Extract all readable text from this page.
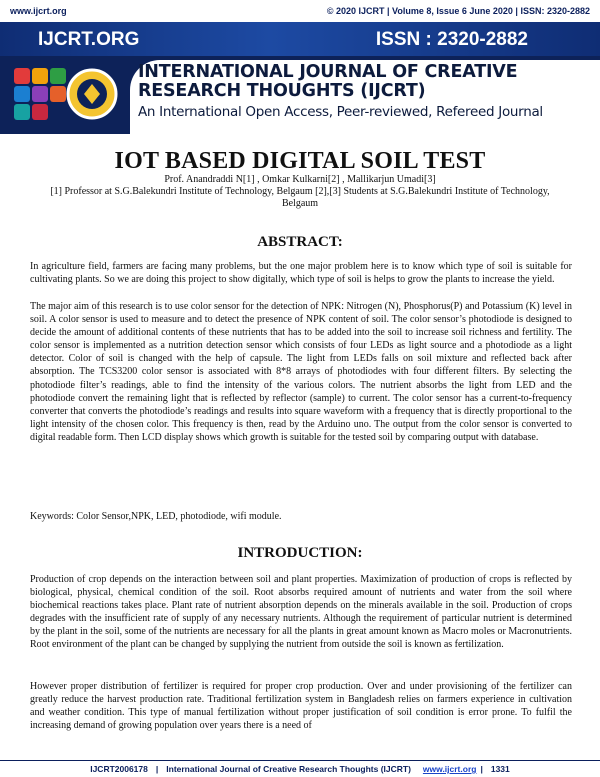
www.ijcrt.org	© 2020 IJCRT | Volume 8, Issue 6 June 2020 | ISSN: 2320-2882
IJCRT.ORG	ISSN : 2320-2882
INTERNATIONAL JOURNAL OF CREATIVE
RESEARCH THOUGHTS (IJCRT)
An International Open Access, Peer-reviewed, Refereed Journal
IOT BASED DIGITAL SOIL TEST
Prof. Anandraddi N[1] , Omkar Kulkarni[2] , Mallikarjun Umadi[3]
[1] Professor at S.G.Balekundri Institute of Technology, Belgaum [2],[3] Students at S.G.Balekundri Institute of Technology, Belgaum
ABSTRACT:

In agriculture field, farmers are facing many problems, but the one major problem here is to know which type of soil is suitable for cultivating plants. So we are doing this project to show digitally, which type of soil is helps to grow the plants to increase the yield.

The major aim of this research is to use color sensor for the detection of NPK: Nitrogen (N), Phosphorus(P) and Potassium (K) level in soil. A color sensor is used to measure and to detect the presence of NPK content of soil. The color sensor’s photodiode is designed to decide the amount of additional contents of these nutrients that has to be added into the soil to increase soil richness and fertility. The color sensor is implemented as a nutrition detection sensor which consists of four LEDs as light source and a photodiode as a light detector. Color of soil is changed with the help of capsule. The light from LEDs falls on soil mixture and reflected back after absorption. The TCS3200 color sensor is associated with 8*8 arrays of photodiodes with four different filters. By selecting the photodiode filter’s readings, able to find the intensity of the various colors. The nutrient absorbs the light from LED and the photodiode convert the remaining light that is reflected by reflector (sample) to current. The color sensor has a current-to-frequency converter that converts the photodiode’s readings and results into square waveform with a frequency that is directly proportional to the light intensity of the chosen color. This frequency is then, read by the Arduino uno. The output from the color sensor is converted to digital readable form. Then LCD display shows which growth is suitable for the tested soil by comparing output with database.

Keywords: Color Sensor,NPK, LED, photodiode, wifi module.

INTRODUCTION:

Production of crop depends on the interaction between soil and plant properties. Maximization of production of crops is reflected by biological, physical, chemical condition of the soil. Root absorbs required amount of nutrients and water from the soil where biochemical reactions takes place. Plant rate of nutrient absorption depends on the minerals available in the soil. Production of crops degrades with the insufficient rate of supply of any necessary nutrients. Although the requirement of particular nutrient is determined by the plant in the soil, some of the nutrients are necessary for all the plants in great amount known as Macro moles or Macronutrients. Root environment of the plant can be changed by supplying the nutrient from outside the soil is known as fertilization.

However proper distribution of fertilizer is required for proper crop production. Over and under provisioning of the fertilizer can greatly reduce the harvest production rate. Traditional fertilization system in Bangladesh relies on farmers experience in cultivation and weather condition. This type of manual fertilization without proper justification of soil condition is error prone. To fulfil the increasing demand of growing population over years there is a need of

IJCRT2006178 | International Journal of Creative Research Thoughts (IJCRT)	www.ijcrt.org | 1331
